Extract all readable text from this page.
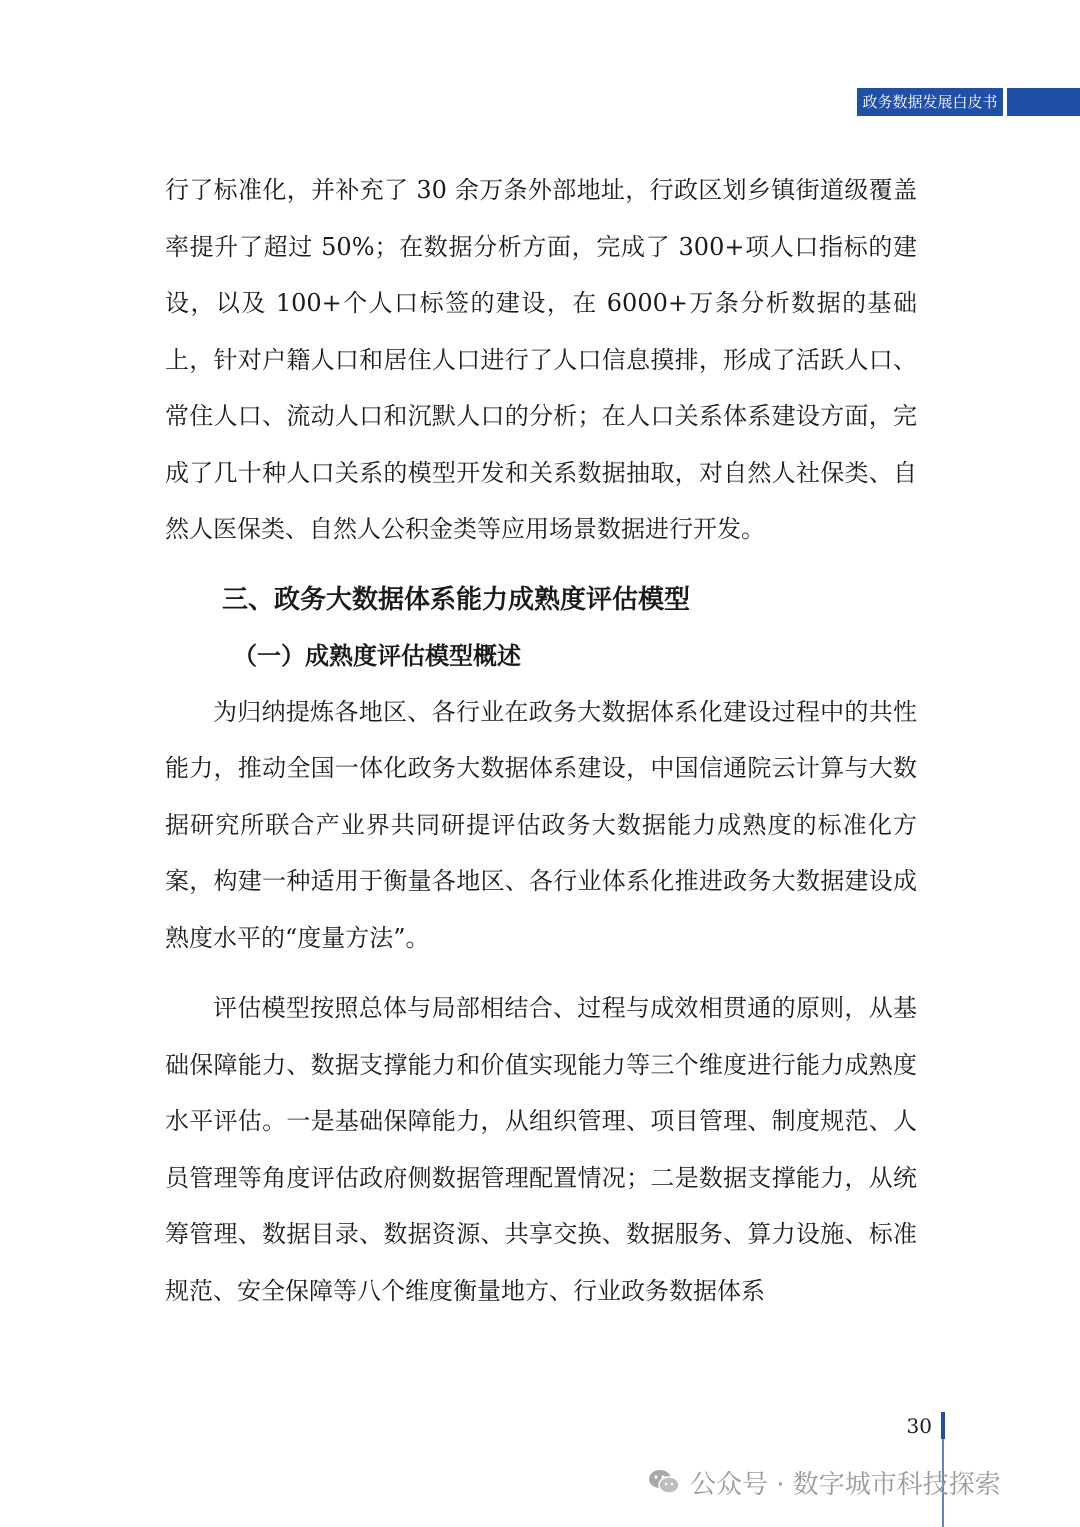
政务数据发展白皮书

行了标准化，并补充了 30 余万条外部地址，行政区划乡镇街道级覆盖率提升了超过 50%；在数据分析方面，完成了 300+项人口指标的建设，以及 100+个人口标签的建设，在 6000+万条分析数据的基础上，针对户籍人口和居住人口进行了人口信息摸排，形成了活跃人口、常住人口、流动人口和沉默人口的分析；在人口关系体系建设方面，完成了几十种人口关系的模型开发和关系数据抽取，对自然人社保类、自然人医保类、自然人公积金类等应用场景数据进行开发。

三、政务大数据体系能力成熟度评估模型
（一）成熟度评估模型概述

为归纳提炼各地区、各行业在政务大数据体系化建设过程中的共性能力，推动全国一体化政务大数据体系建设，中国信通院云计算与大数据研究所联合产业界共同研提评估政务大数据能力成熟度的标准化方案，构建一种适用于衡量各地区、各行业体系化推进政务大数据建设成熟度水平的“度量方法”。

评估模型按照总体与局部相结合、过程与成效相贯通的原则，从基础保障能力、数据支撑能力和价值实现能力等三个维度进行能力成熟度水平评估。一是基础保障能力，从组织管理、项目管理、制度规范、人员管理等角度评估政府侧数据管理配置情况；二是数据支撑能力，从统筹管理、数据目录、数据资源、共享交换、数据服务、算力设施、标准规范、安全保障等八个维度衡量地方、行业政务数据体系

30
公众号 · 数字城市科技探索
